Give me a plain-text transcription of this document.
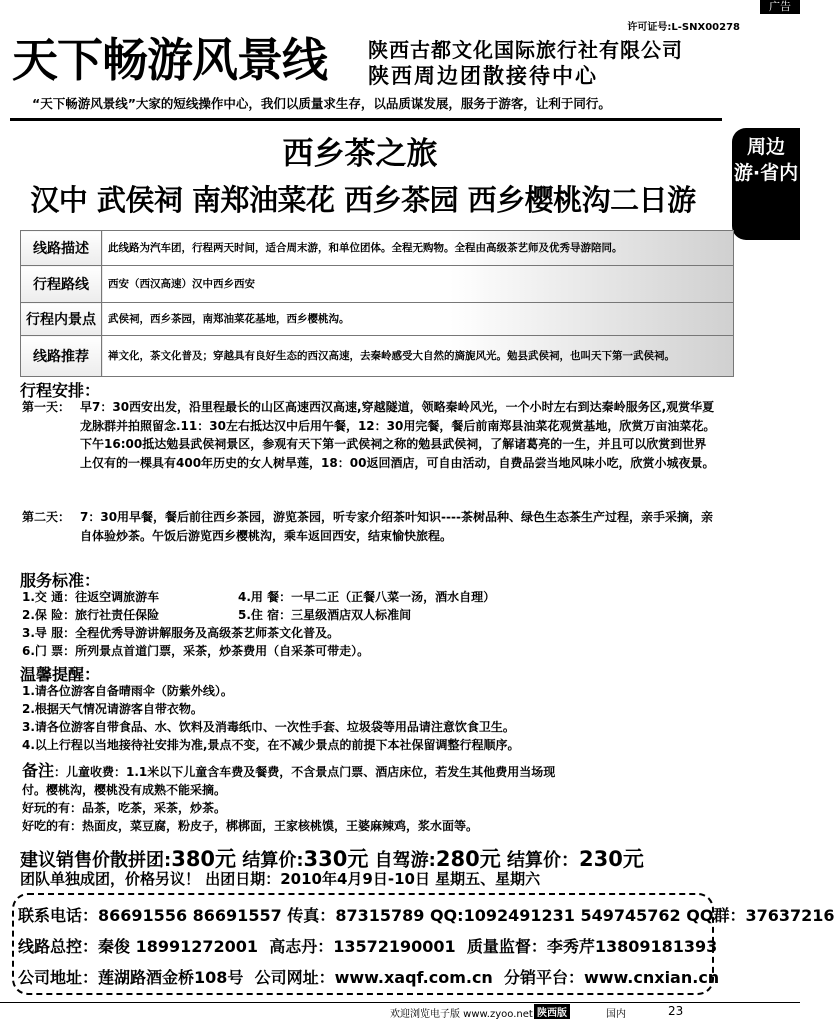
广告
许可证号:L-SNX00278
天下畅游风景线 陕西古都文化国际旅行社有限公司
陕西周边团散接待中心
“天下畅游风景线”大家的短线操作中心，我们以质量求生存，以品质谋发展，服务于游客，让利于同行。
周边
游·省内
西乡茶之旅
汉中 武侯祠 南郑油菜花 西乡茶园 西乡樱桃沟二日游
线路描述	此线路为汽车团，行程两天时间，适合周末游，和单位团体。全程无购物。全程由高级茶艺师及优秀导游陪同。
行程路线	西安（西汉高速）汉中西乡西安
行程内景点	武侯祠，西乡茶园，南郑油菜花基地，西乡樱桃沟。
线路推荐	禅文化，茶文化普及；穿越具有良好生态的西汉高速，去秦岭感受大自然的旖旎风光。勉县武侯祠，也叫天下第一武侯祠。
行程安排：
第一天： 早7：30西安出发，沿里程最长的山区高速西汉高速,穿越隧道，领略秦岭风光，一个小时左右到达秦岭服务区,观赏华夏龙脉群并拍照留念.11：30左右抵达汉中后用午餐，12：30用完餐，餐后前南郑县油菜花观赏基地，欣赏万亩油菜花。下午16:00抵达勉县武侯祠景区，参观有天下第一武侯祠之称的勉县武侯祠，了解诸葛亮的一生，并且可以欣赏到世界上仅有的一棵具有400年历史的女人树旱莲，18：00返回酒店，可自由活动，自费品尝当地风味小吃，欣赏小城夜景。
第二天： 7：30用早餐，餐后前往西乡茶园，游览茶园，听专家介绍茶叶知识----茶树品种、绿色生态茶生产过程，亲手采摘，亲自体验炒茶。午饭后游览西乡樱桃沟，乘车返回西安，结束愉快旅程。
服务标准：
1.交 通：往返空调旅游车	4.用 餐：一早二正（正餐八菜一汤，酒水自理）
2.保 险：旅行社责任保险	5.住 宿：三星级酒店双人标准间
3.导 服：全程优秀导游讲解服务及高级茶艺师茶文化普及。
6.门 票：所列景点首道门票，采茶，炒茶费用（自采茶可带走）。
温馨提醒：
1.请各位游客自备晴雨伞（防紫外线）。
2.根据天气情况请游客自带衣物。
3.请各位游客自带食品、水、饮料及消毒纸巾、一次性手套、垃圾袋等用品请注意饮食卫生。
4.以上行程以当地接待社安排为准,景点不变，在不减少景点的前提下本社保留调整行程顺序。
备注：儿童收费：1.1米以下儿童含车费及餐费，不含景点门票、酒店床位，若发生其他费用当场现
付。樱桃沟，樱桃没有成熟不能采摘。
好玩的有：品茶，吃茶，采茶，炒茶。
好吃的有：热面皮，菜豆腐，粉皮子，梆梆面，王家核桃馍，王婆麻辣鸡，浆水面等。
建议销售价散拼团:380元 结算价:330元 自驾游:280元 结算价：230元
团队单独成团，价格另议！ 出团日期：2010年4月9日-10日 星期五、星期六
联系电话：86691556 86691557 传真：87315789 QQ:1092491231 549745762 QQ群：37637216
线路总控：秦俊 18991272001 高志丹：13572190001 质量监督：李秀芹13809181393
公司地址：莲湖路酒金桥108号 公司网址：www.xaqf.com.cn 分销平台：www.cnxian.cn
欢迎浏览电子版 www.zyoo.net 陕西版	国内	23
